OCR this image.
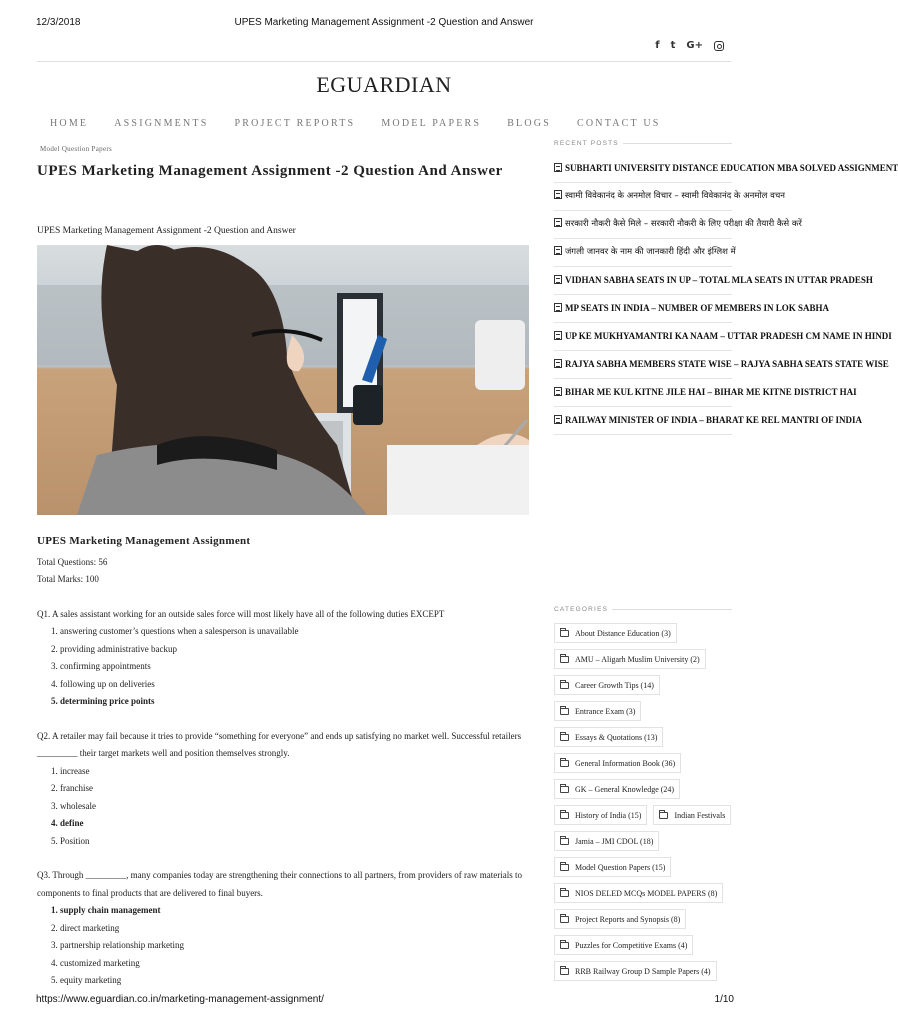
12/3/2018	UPES Marketing Management Assignment -2 Question and Answer
f t G+
EGUARDIAN
HOME	ASSIGNMENTS	PROJECT REPORTS	MODEL PAPERS	BLOGS	CONTACT US
Model Question Papers
UPES Marketing Management Assignment -2 Question And Answer

UPES Marketing Management Assignment -2 Question and Answer

UPES Marketing Management Assignment

Total Questions: 56

Total Marks: 100

Q1. A sales assistant working for an outside sales force will most likely have all of the following duties EXCEPT

1. answering customer’s questions when a salesperson is unavailable
2. providing administrative backup
3. confirming appointments
4. following up on deliveries
5. determining price points

Q2. A retailer may fail because it tries to provide “something for everyone” and ends up satisfying no market well. Successful retailers _________ their target markets well and position themselves strongly.

1. increase
2. franchise
3. wholesale
4. define
5. Position

Q3. Through _________, many companies today are strengthening their connections to all partners, from providers of raw materials to components to final products that are delivered to final buyers.

1. supply chain management
2. direct marketing
3. partnership relationship marketing
4. customized marketing
5. equity marketing
RECENT POSTS
SUBHARTI UNIVERSITY DISTANCE EDUCATION MBA SOLVED ASSIGNMENT
स्वामी विवेकानंद के अनमोल विचार – स्वामी विवेकानंद के अनमोल वचन
सरकारी नौकरी कैसे मिले – सरकारी नौकरी के लिए परीक्षा की तैयारी कैसे करें
जंगली जानवर के नाम की जानकारी हिंदी और इंग्लिश में
VIDHAN SABHA SEATS IN UP – TOTAL MLA SEATS IN UTTAR PRADESH
MP SEATS IN INDIA – NUMBER OF MEMBERS IN LOK SABHA
UP KE MUKHYAMANTRI KA NAAM – UTTAR PRADESH CM NAME IN HINDI
RAJYA SABHA MEMBERS STATE WISE – RAJYA SABHA SEATS STATE WISE
BIHAR ME KUL KITNE JILE HAI – BIHAR ME KITNE DISTRICT HAI
RAILWAY MINISTER OF INDIA – BHARAT KE REL MANTRI OF INDIA
CATEGORIES
About Distance Education (3)
AMU – Aligarh Muslim University (2)
Career Growth Tips (14)
Entrance Exam (3)
Essays & Quotations (13)
General Information Book (36)
GK – General Knowledge (24)
History of India (15)	Indian Festivals
Jamia – JMI CDOL (18)
Model Question Papers (15)
NIOS DELED MCQs MODEL PAPERS (8)
Project Reports and Synopsis (8)
Puzzles for Competitive Exams (4)
RRB Railway Group D Sample Papers (4)
https://www.eguardian.co.in/marketing-management-assignment/	1/10
